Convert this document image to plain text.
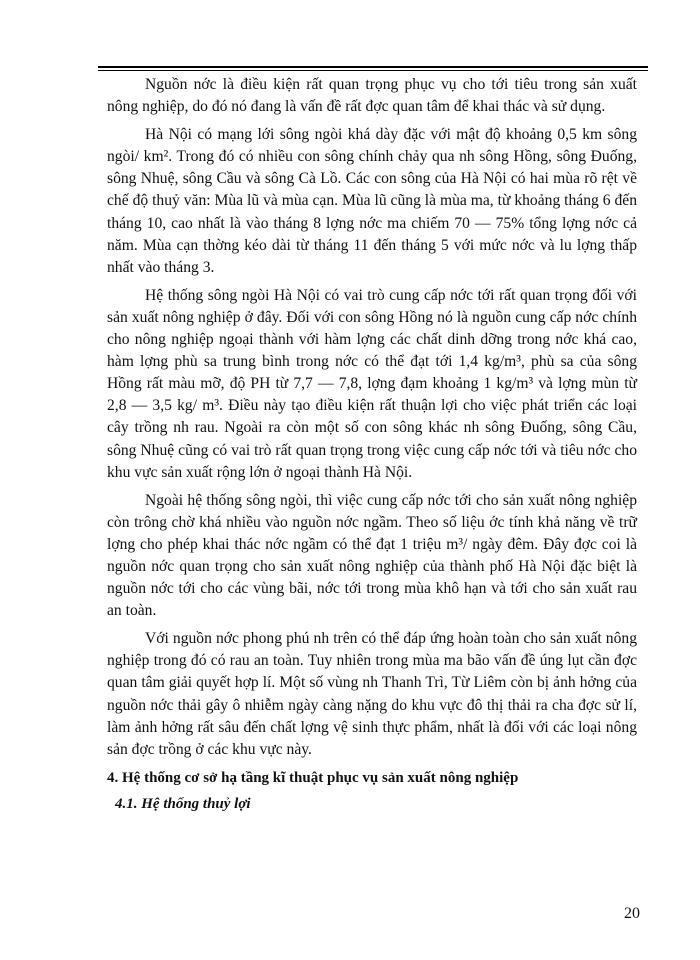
Nguồn nớc là điều kiện rất quan trọng phục vụ cho tới tiêu trong sản xuất nông nghiệp, do đó nó đang là vấn đề rất đợc quan tâm để khai thác và sử dụng.

Hà Nội có mạng lới sông ngòi khá dày đặc với mật độ khoảng 0,5 km sông ngòi/ km². Trong đó có nhiều con sông chính chảy qua nh sông Hồng, sông Đuống, sông Nhuệ, sông Cầu và sông Cà Lồ. Các con sông của Hà Nội có hai mùa rõ rệt về chế độ thuỷ văn: Mùa lũ và mùa cạn. Mùa lũ cũng là mùa ma, từ khoảng tháng 6 đến tháng 10, cao nhất là vào tháng 8 lợng nớc ma chiếm 70 — 75% tổng lợng nớc cả năm. Mùa cạn thờng kéo dài từ tháng 11 đến tháng 5 với mức nớc và lu lợng thấp nhất vào tháng 3.

Hệ thống sông ngòi Hà Nội có vai trò cung cấp nớc tới rất quan trọng đối với sản xuất nông nghiệp ở đây. Đối với con sông Hồng nó là nguồn cung cấp nớc chính cho nông nghiệp ngoại thành với hàm lợng các chất dinh dỡng trong nớc khá cao, hàm lợng phù sa trung bình trong nớc có thể đạt tới 1,4 kg/m³, phù sa của sông Hồng rất màu mỡ, độ PH từ 7,7 — 7,8, lợng đạm khoảng 1 kg/m³ và lợng mùn từ 2,8 — 3,5 kg/ m³. Điều này tạo điều kiện rất thuận lợi cho việc phát triển các loại cây trồng nh rau. Ngoài ra còn một số con sông khác nh sông Đuống, sông Cầu, sông Nhuệ cũng có vai trò rất quan trọng trong việc cung cấp nớc tới và tiêu nớc cho khu vực sản xuất rộng lớn ở ngoại thành Hà Nội.

Ngoài hệ thống sông ngòi, thì việc cung cấp nớc tới cho sản xuất nông nghiệp còn trông chờ khá nhiều vào nguồn nớc ngầm. Theo số liệu ớc tính khả năng về trữ lợng cho phép khai thác nớc ngầm có thể đạt 1 triệu m³/ ngày đêm. Đây đợc coi là nguồn nớc quan trọng cho sản xuất nông nghiệp của thành phố Hà Nội đặc biệt là nguồn nớc tới cho các vùng bãi, nớc tới trong mùa khô hạn và tới cho sản xuất rau an toàn.

Với nguồn nớc phong phú nh trên có thể đáp ứng hoàn toàn cho sản xuất nông nghiệp trong đó có rau an toàn. Tuy nhiên trong mùa ma bão vấn đề úng lụt cần đợc quan tâm giải quyết hợp lí. Một số vùng nh Thanh Trì, Từ Liêm còn bị ảnh hởng của nguồn nớc thải gây ô nhiễm ngày càng nặng do khu vực đô thị thải ra cha đợc sử lí, làm ảnh hởng rất sâu đến chất lợng vệ sinh thực phẩm, nhất là đối với các loại nông sản đợc trồng ở các khu vực này.

4. Hệ thống cơ sở hạ tầng kĩ thuật phục vụ sản xuất nông nghiệp
4.1. Hệ thống thuỷ lợi
20
